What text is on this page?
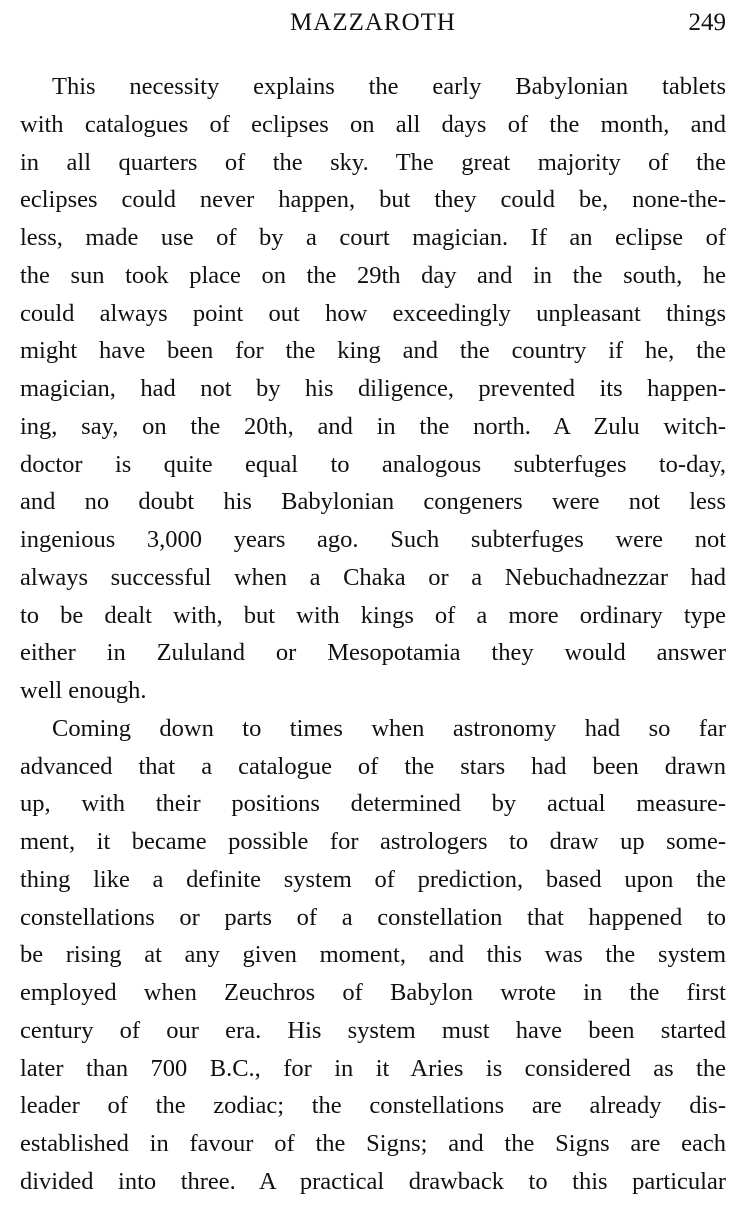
MAZZAROTH	249
This necessity explains the early Babylonian tablets
with catalogues of eclipses on all days of the month, and
in all quarters of the sky. The great majority of the
eclipses could never happen, but they could be, none-the-
less, made use of by a court magician. If an eclipse of
the sun took place on the 29th day and in the south, he
could always point out how exceedingly unpleasant things
might have been for the king and the country if he, the
magician, had not by his diligence, prevented its happen-
ing, say, on the 20th, and in the north. A Zulu witch-
doctor is quite equal to analogous subterfuges to-day,
and no doubt his Babylonian congeners were not less
ingenious 3,000 years ago. Such subterfuges were not
always successful when a Chaka or a Nebuchadnezzar had
to be dealt with, but with kings of a more ordinary type
either in Zululand or Mesopotamia they would answer
well enough.
Coming down to times when astronomy had so far
advanced that a catalogue of the stars had been drawn
up, with their positions determined by actual measure-
ment, it became possible for astrologers to draw up some-
thing like a definite system of prediction, based upon the
constellations or parts of a constellation that happened to
be rising at any given moment, and this was the system
employed when Zeuchros of Babylon wrote in the first
century of our era. His system must have been started
later than 700 B.C., for in it Aries is considered as the
leader of the zodiac; the constellations are already dis-
established in favour of the Signs; and the Signs are each
divided into three. A practical drawback to this particular
